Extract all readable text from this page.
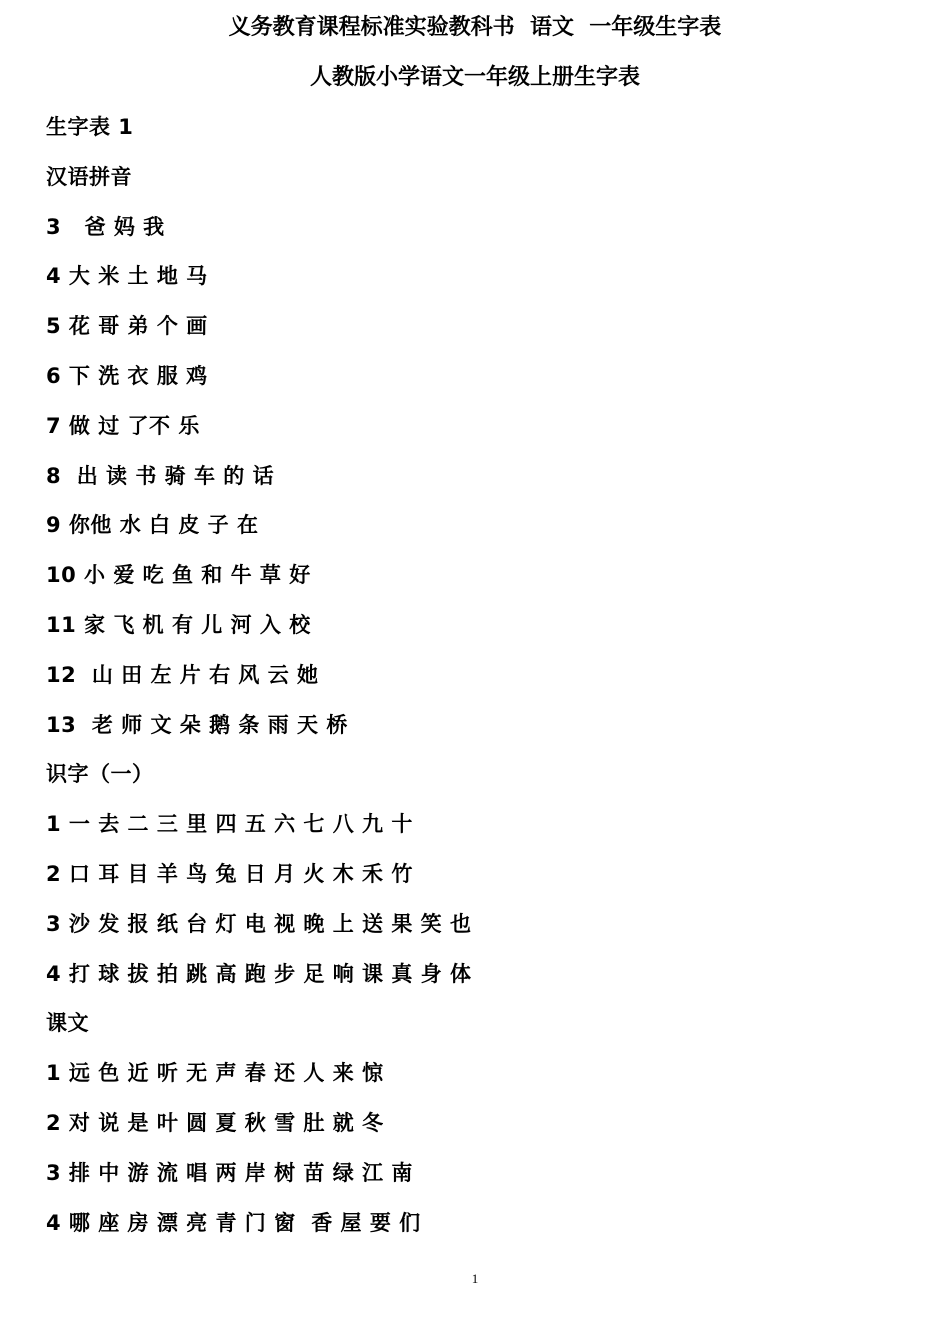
义务教育课程标准实验教科书  语文  一年级生字表
人教版小学语文一年级上册生字表
生字表 1
汉语拼音
3   爸 妈 我
4 大 米 土 地 马
5 花 哥 弟 个 画
6 下 洗 衣 服 鸡
7 做 过 了不 乐
8  出 读 书 骑 车 的 话
9 你他 水 白 皮 子 在
10 小 爱 吃 鱼 和 牛 草 好
11 家 飞 机 有 儿 河 入 校
12  山 田 左 片 右 风 云 她
13  老 师 文 朵 鹅 条 雨 天 桥
识字（一）
1 一 去 二 三 里 四 五 六 七 八 九 十
2 口 耳 目 羊 鸟 兔 日 月 火 木 禾 竹
3 沙 发 报 纸 台 灯 电 视 晚 上 送 果 笑 也
4 打 球 拔 拍 跳 高 跑 步 足 响 课 真 身 体
课文
1 远 色 近 听 无 声 春 还 人 来 惊
2 对 说 是 叶 圆 夏 秋 雪 肚 就 冬
3 排 中 游 流 唱 两 岸 树 苗 绿 江 南
4 哪 座 房 漂 亮 青 门 窗  香 屋 要 们
1
